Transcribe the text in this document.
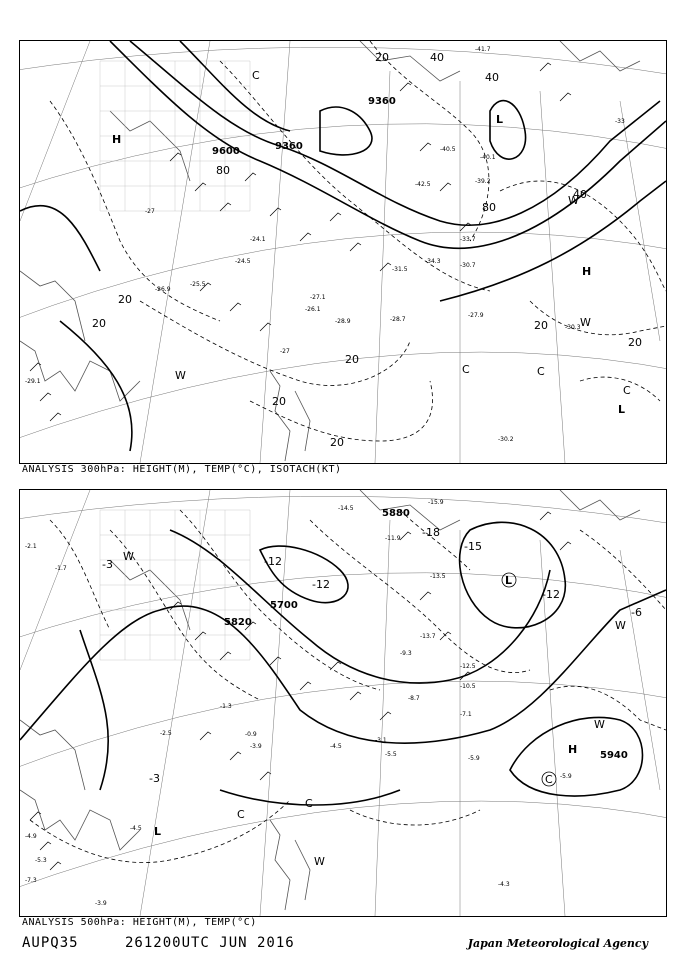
9600	9360
9360
20
20
20
20
20
20
20
20	40
40
40
80
80
H
H
L
L
W
W
W
C
C	C
C
-41.7
-40.5
-40.1
-42.5	-39.2
-33.7
-30.7
-34.3
-31.5
-27.1
-24.5
-25.5
-26.1
-28.9	-28.7
-27.9
-27
-26.9
-24.1
-27
-30.2
-30.3
-29.1
-33
ANALYSIS 300hPa: HEIGHT(M), TEMP(°C), ISOTACH(KT)
5880
5700
5820
5940
-18
-15
-12
-12
-12
-6
-3
-3
H
L
L
C
C
C
W
W
W
W
-15.9
-14.5
-13.5
-12.5
-11.9
-13.7
-10.5
-9.3
-8.7
-7.1
-4.5
-5.5
-3.1
-5.9
-4.3
-5.9
-2.1
-1.7
-1.3
-0.9
-2.5
-3.9
-5.3
-7.3
-4.9
-4.5
-3.9
ANALYSIS 500hPa: HEIGHT(M), TEMP(°C)
AUPQ35	261200UTC JUN 2016	Japan Meteorological Agency
